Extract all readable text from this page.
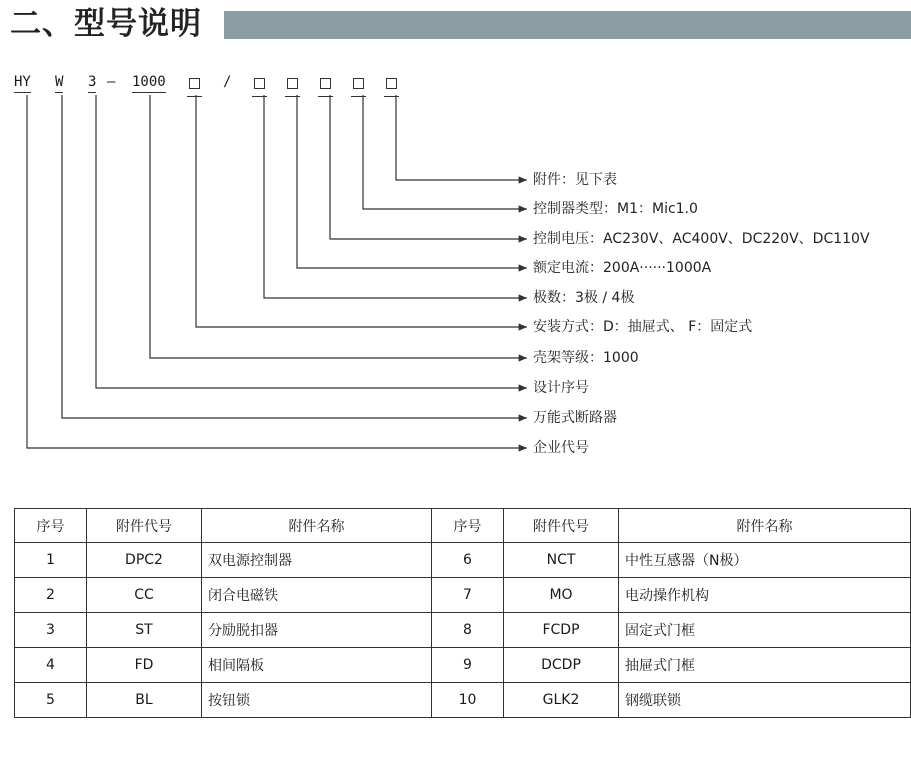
二、型号说明
HY W 3 — 1000	/
附件：见下表
控制器类型：M1：Mic1.0
控制电压：AC230V、AC400V、DC220V、DC110V
额定电流：200A······1000A
极数：3极 / 4极
安装方式：D：抽屉式、 F：固定式
壳架等级：1000
设计序号
万能式断路器
企业代号
序号	附件代号	附件名称	序号	附件代号	附件名称
1	DPC2	双电源控制器	6	NCT	中性互感器（N极）
2	CC	闭合电磁铁	7	MO	电动操作机构
3	ST	分励脱扣器	8	FCDP	固定式门框
4	FD	相间隔板	9	DCDP	抽屉式门框
5	BL	按钮锁	10	GLK2	钢缆联锁
